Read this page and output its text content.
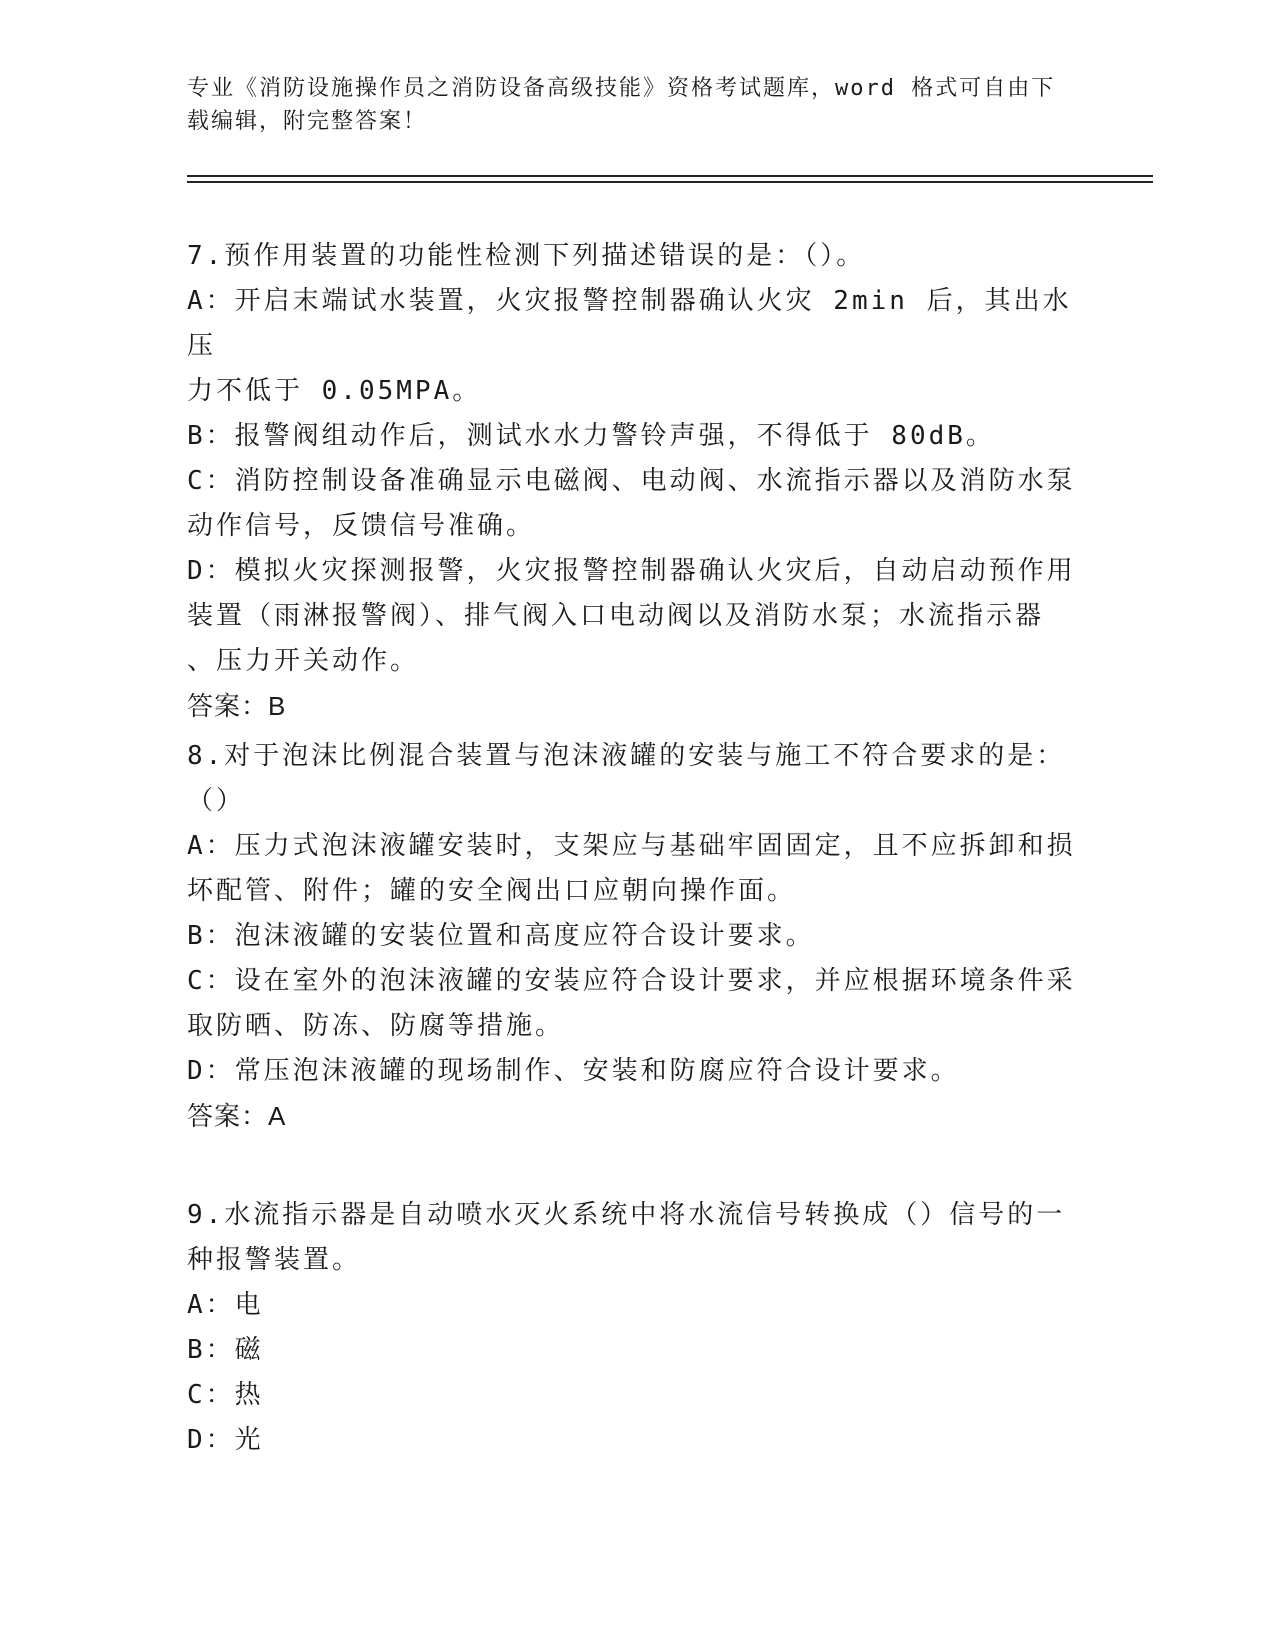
专业《消防设施操作员之消防设备高级技能》资格考试题库，word 格式可自由下
载编辑，附完整答案！
7.预作用装置的功能性检测下列描述错误的是：（）。
A：开启末端试水装置，火灾报警控制器确认火灾 2min 后，其出水压
力不低于 0.05MPA。
B：报警阀组动作后，测试水水力警铃声强，不得低于 80dB。
C：消防控制设备准确显示电磁阀、电动阀、水流指示器以及消防水泵
动作信号，反馈信号准确。
D：模拟火灾探测报警，火灾报警控制器确认火灾后，自动启动预作用
装置（雨淋报警阀）、排气阀入口电动阀以及消防水泵；水流指示器
、压力开关动作。
答案：B
8.对于泡沫比例混合装置与泡沫液罐的安装与施工不符合要求的是：
（）
A：压力式泡沫液罐安装时，支架应与基础牢固固定，且不应拆卸和损
坏配管、附件；罐的安全阀出口应朝向操作面。
B：泡沫液罐的安装位置和高度应符合设计要求。
C：设在室外的泡沫液罐的安装应符合设计要求，并应根据环境条件采
取防晒、防冻、防腐等措施。
D：常压泡沫液罐的现场制作、安装和防腐应符合设计要求。
答案：A
9.水流指示器是自动喷水灭火系统中将水流信号转换成（）信号的一
种报警装置。
A：电
B：磁
C：热
D：光
